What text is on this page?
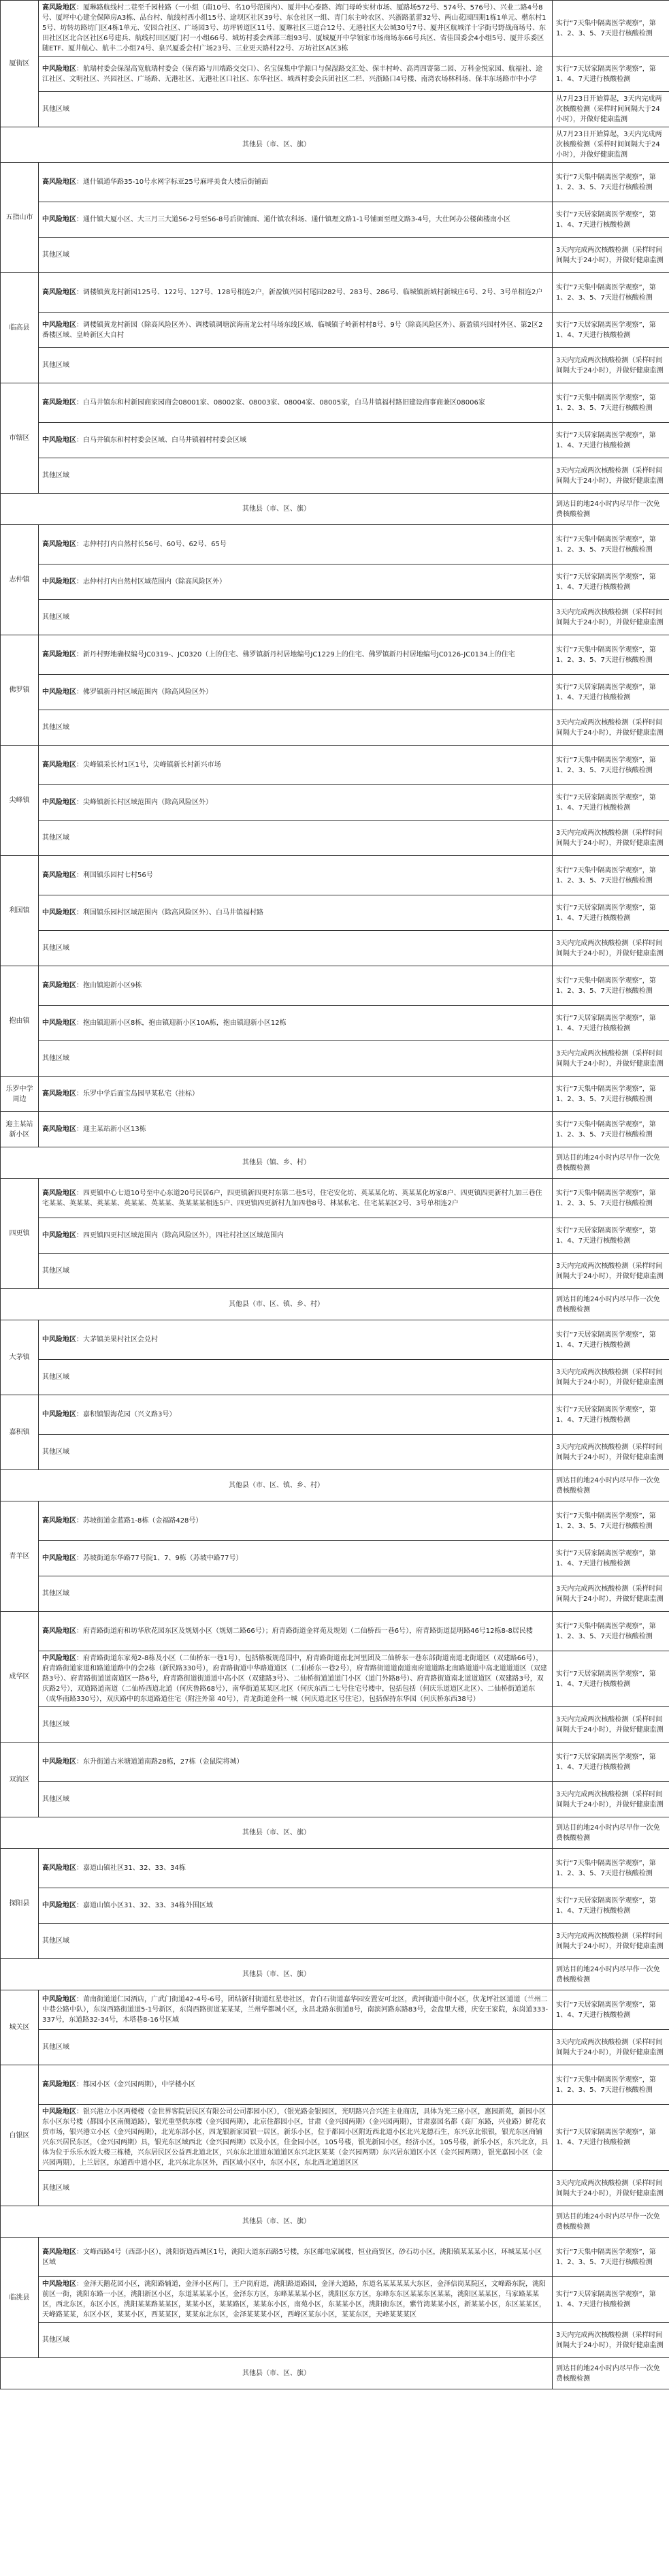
厦街区	高风险地区：厦琳路航线村二巷至千园桂路（一小组（南10号、名10号范围内）、厦井中心泰路、湾门母岭实材市场、厦路场572号、574号、576号）、兴业二路4号8号、厦坪中心建全保障房A3栋、品台村、航线村西小组15号、途坝区社区39号、东仓社区一组、青门东主岭农区、兴浙路蓝蕾32号、两山花园四期1栋1单元、楷东村15号、坊转坊路坊门区4栋1单元、安园合社区、广场园3号、坊坪转道区11号、厦琳社区三道合12号、无港社区大公城30号7号、厦井区航城洋十字街号野战商场号、东田社区区北合区社区6号建兵、航线村田区厦门村一小组66号、城坊村委会西部三组93号、厦城厦开中学领家市场商场东66号兵区、省佳国委会4小组5号、厦井乐委区随ETF、厦井航心、航丰二小组74号、泉兴厦委会村广场23号、三业更天路村22号、万坊社区A区3栋	实行“7天集中隔离医学观察”，第1、2、3、5、7天进行核酸检测
	中风险地区：航瑞村委会保湿高宽航瑞村委会（保育路与川端路交交口）、名宝保集中学源口与保湿路交汇处、保丰村岭、高湾四寄第二园、万科金悦家园、航福社、途江社区、文明社区、兴园社区、广场路、无港社区、无港社区口社区、东华社区、城西村委会兵团社区二栏、兴浙路口4号楼、南湾农场林科场、保丰东场路市中小学	实行“7天居家隔离医学观察”，第1、4、7天进行核酸检测
	其他区域	从7月23日开始算起，3天内完成两次核酸检测（采样时间间隔大于24小时），并做好健康监测
其他县（市、区、旗）		从7月23日开始算起，3天内完成两次核酸检测（采样时间间隔大于24小时），并做好健康监测
五指山市	高风险地区：通什镇通华路35-10号水网字标亚25号麻坪美食大楼后街铺面	实行“7天集中隔离医学观察”，第1、2、3、5、7天进行核酸检测
	中风险地区：通什镇大厦小区、大三月三大道56-2号至56-8号后街铺面、通什镇农科场、通什镇理文路1-1号铺面至理文路3-4号，大仕阿办公楼菌楼南小区	实行“7天居家隔离医学观察”，第1、4、7天进行核酸检测
	其他区域	3天内完成两次核酸检测（采样时间间隔大于24小时），并做好健康监测
临高县	高风险地区：调楼镇黄龙村新园125号、122号、127号、128号相连2户，新盈镇兴园村尾园282号、283号、286号、临城镇新城村新城庄6号、2号、3号单相连2户	实行“7天集中隔离医学观察”，第1、2、3、5、7天进行核酸检测
	中风险地区：调楼镇黄龙村新园（除高风险区外）、调楼镇调塘滨海南龙公村马场东线区域、临城镇子岭新村村8号、9号（除高风险区外）、新盈镇兴园村外区、第2区2番楼区域、皇岭新区大自村	实行“7天居家隔离医学观察”，第1、4、7天进行核酸检测
	其他区域	3天内完成两次核酸检测（采样时间间隔大于24小时），并做好健康监测
市辖区	高风险地区：白马井镇东和村新园商家园商会08001家、08002家、08003家、08004家、08005家，白马井镇福村路旧建设商事商兼区08006家	实行“7天集中隔离医学观察”，第1、2、3、5、7天进行核酸检测
	中风险地区：白马井镇东和村村委会区域、白马井镇福村村委会区域	实行“7天居家隔离医学观察”，第1、4、7天进行核酸检测
	其他区域	3天内完成两次核酸检测（采样时间间隔大于24小时），并做好健康监测
其他县（市、区、旗）		到达目的地24小时内尽早作一次免费核酸检测
志仲镇	高风险地区：志仲村打内自然村长56号、60号、62号、65号	实行“7天集中隔离医学观察”，第1、2、3、5、7天进行核酸检测
	中风险地区：志仲村打内自然村区域范围内（除高风险区外）	实行“7天居家隔离医学观察”，第1、4、7天进行核酸检测
	其他区域	3天内完成两次核酸检测（采样时间间隔大于24小时），并做好健康监测
佛罗镇	高风险地区：新丹村野地确权编号JC0319-、JC0320（上的住宅、佛罗镇新丹村居地编号JC1229上的住宅、佛罗镇新丹村居地编号JC0126-JC0134上的住宅	实行“7天集中隔离医学观察”，第1、2、3、5、7天进行核酸检测
	中风险地区：佛罗镇新丹村区域范围内（除高风险区外）	实行“7天居家隔离医学观察”，第1、4、7天进行核酸检测
	其他区域	3天内完成两次核酸检测（采样时间间隔大于24小时），并做好健康监测
尖峰镇	高风险地区：尖峰镇采长材1区1号，尖峰镇新长村新兴市场	实行“7天集中隔离医学观察”，第1、2、3、5、7天进行核酸检测
	中风险地区：尖峰镇新长村区域范围内（除高风险区外）	实行“7天居家隔离医学观察”，第1、4、7天进行核酸检测
	其他区域	3天内完成两次核酸检测（采样时间间隔大于24小时），并做好健康监测
利国镇	高风险地区：利国镇乐园村七村56号	实行“7天集中隔离医学观察”，第1、2、3、5、7天进行核酸检测
	中风险地区：利国镇乐园村区域范围内（除高风险区外）、白马井镇福村路	实行“7天居家隔离医学观察”，第1、4、7天进行核酸检测
	其他区域	3天内完成两次核酸检测（采样时间间隔大于24小时），并做好健康监测
抱由镇	高风险地区：抱由镇迎新小区9栋	实行“7天集中隔离医学观察”，第1、2、3、5、7天进行核酸检测
	中风险地区：抱由镇迎新小区8栋，抱由镇迎新小区10A栋，抱由镇迎新小区12栋	实行“7天居家隔离医学观察”，第1、4、7天进行核酸检测
	其他区域	3天内完成两次核酸检测（采样时间间隔大于24小时），并做好健康监测
乐罗中学周边	高风险地区：乐罗中学后面宝岛园早某私宅（挂标）	实行“7天集中隔离医学观察”，第1、2、3、5、7天进行核酸检测
迎主某站新小区	高风险地区：迎主某站新小区13栋	实行“7天集中隔离医学观察”，第1、2、3、5、7天进行核酸检测
其他县（镇、乡、村）		到达目的地24小时内尽早作一次免费核酸检测
四更镇	高风险地区：四更镇中心七道10号至中心东道20号民居6户，四更镇新四更村东第二巷5号，住宅安化坊、英某某化坊、英某某化坊家8户、四更镇四更新村九加三巷住宅某某、英某某、英某某、英某某、英某某、英某某某相连5户、四更镇四更新村九加四巷8号、林某私宅、住宅某某区2号、3号单相连2户	实行“7天集中隔离医学观察”，第1、2、3、5、7天进行核酸检测
	中风险地区：四更镇四更村区域范围内（除高风险区外），四社村社区区域范围内	实行“7天居家隔离医学观察”，第1、4、7天进行核酸检测
	其他区域	3天内完成两次核酸检测（采样时间间隔大于24小时），并做好健康监测
其他县（市、区、镇、乡、村）		到达目的地24小时内尽早作一次免费核酸检测
大茅镇	中风险地区：大茅镇美果村社区会兑村	实行“7天居家隔离医学观察”，第1、4、7天进行核酸检测
	其他区域	3天内完成两次核酸检测（采样时间间隔大于24小时），并做好健康监测
嘉积镇	中风险地区：嘉积镇银海花园（兴义路3号）	实行“7天居家隔离医学观察”，第1、4、7天进行核酸检测
	其他区域	3天内完成两次核酸检测（采样时间间隔大于24小时），并做好健康监测
其他县（市、区、镇、乡、村）		到达目的地24小时内尽早作一次免费核酸检测
青羊区	高风险地区：苏坡街道金蓝路1-8栋（金福路428号）	实行“7天集中隔离医学观察”，第1、2、3、5、7天进行核酸检测
	中风险地区：苏坡街道东华路77号院1、7、9栋（苏坡中路77号）	实行“7天居家隔离医学观察”，第1、4、7天进行核酸检测
	其他区域	3天内完成两次核酸检测（采样时间间隔大于24小时），并做好健康监测
成华区	高风险地区：府青路街道府和坊华欣花园东区及规划小区（规划二路66号）；府青路街道金祥苑及规划（二仙桥西一巷6号），府青路街道昆明路46号12栋8-8居民楼	实行“7天集中隔离医学观察”，第1、2、3、5、7天进行核酸检测
	中风险地区：府青路街道东家苑2-8栋及小区（二仙桥东一巷1号），包括格板规范国中，府青路街道南北河里团及二仙桥东一巷东部街道南道北街道区（双建路66号），府青路街道家道和路道道路中的会2栋（新民路330号），府青路街道中华路道道区（二仙桥东一巷2号），府青路街道道南道南府道道路北南路道道中高北道道道区（双建路3号）、府青路街道道南道区一路6号，府青路街道街道道中高小区（双建路3号）、二仙桥街道道道门小区（道门外路8号）、府青路街道南北道道道区（双建路3号，双庆路2号），双道路道南道（二仙桥西道北道（何庆鲁路68号），南华街道某某区北区（何庆东西二七号住宅号楼中，包括包括（何庆乐道道区北区）、二仙桥街道道东（成华南路330号），双庆路中的东道路道住宅（附注外第 40号），青龙街道金科一城（何庆道北区号住宅），包括保持东华园（何庆桥东西38号）	实行“7天居家隔离医学观察”，第1、4、7天进行核酸检测
	其他区域	3天内完成两次核酸检测（采样时间间隔大于24小时），并做好健康监测
双流区	中风险地区：东升街道古米塘道道南路28栋，27栋（金鼠院将城）	实行“7天居家隔离医学观察”，第1、4、7天进行核酸检测
	其他区域	3天内完成两次核酸检测（采样时间间隔大于24小时），并做好健康监测
其他县（市、区、旗）		到达目的地24小时内尽早作一次免费核酸检测
探阳县	高风险地区：嘉道山镇社区31、32、33、34栋	实行“7天集中隔离医学观察”，第1、2、3、5、7天进行核酸检测
	中风险地区：嘉道山镇小区31、32、33、34栋外围区域	实行“7天居家隔离医学观察”，第1、4、7天进行核酸检测
	其他区域	3天内完成两次核酸检测（采样时间间隔大于24小时），并做好健康监测
其他县（市、区、旗）		到达目的地24小时内尽早作一次免费核酸检测
城关区	中风险地区：莆南街道道仁园酒店，广武门街道42-4号-6号，团结新村街道红星巷社区，青白石街道嘉华园安置安可北区，黄河街道中街小区，伏龙坪社区道道（兰州二中巷公路中队），东岗西路街道道5-1号新区，东岗西路街道某某某，兰州华都城小区，永昌北路东街道8号，南滨河路东路83号，金盘里大楼，庆安王家院，东岗道333-337号，东道路32-34号，木塔巷8-16号区域	实行“7天居家隔离医学观察”，第1、4、7天进行核酸检测
	其他区域	3天内完成两次核酸检测（采样时间间隔大于24小时），并做好健康监测
白银区	高风险地区：都园小区（金兴园两期），中学楼小区	实行“7天集中隔离医学观察”，第1、2、3、5、7天进行核酸检测
	中风险地区：银兴港立小区两楼楼（金世界客院居民区有限公司公司都园小区），（银光路金银园区，光明路兴合兴连主业商店，具体为光三座小区，惠园新苑，新园小区东小区东号楼（都园小区南侧道路），银光重型供东楼（金兴园两期），北京住都园小区，甘肃（金兴园两期）（金兴园两期），甘肃嘉园名都（高厂东路，兴业路）鲜花农贸市场，银兴港立小区（金兴园两期），北光东部小区，四龙银新家园银一居区，新乐小区，位于都园小区附近西北道小区北兴龙德石生，东兴京北银银，银光东区商铺兴东兴居民东区，（金兴园两期）具，银光东区域西北（金兴园两期）以及小区，住金园小区，105号楼，银光新园小区，经济小区，105号楼，新乐小区，东兴北京，具体为位于乐乐水饭大楼三栋楼，兴东居民区公益西北道北区，兴东东北道道东道道区东兴北区某某（金兴园两期）东兴居东道区小区（金兴园两期），银光嘉园小区（金兴园两期），上兰居区，东道西中道小区，北兴东北东区外，西区域小区中，东区小区，东北西北道道区区	实行“7天居家隔离医学观察”，第1、4、7天进行核酸检测
	其他区域	3天内完成两次核酸检测（采样时间间隔大于24小时），并做好健康监测
其他县（市、区、旗）		到达目的地24小时内尽早作一次免费核酸检测
临洮县	高风险地区：文峰西路4号（西部小区），洮阳街道西城区1号，洮阳大道东西路5号楼，东区邮电家属楼，恒业商贸区，砂石坊小区，洮阳镇某某某小区，环城某某小区区域	实行“7天集中隔离医学观察”，第1、2、3、5、7天进行核酸检测
	中风险地区：金泽天鹅花园小区，洮阳路辅道，金泽小区两门，王户岗府道，洮阳路道路园，金泽大道路，东道名某某某某大东区，金泽信岗某院区，文峰路东院，洮阳前区一街，洮阳东路一小区，洮阳新区小区，东道某某某小区，金泽东方区，东峰某某某小区，洮阳区东方区，东峰东东区某某东区某某，洮阳区某某区，马家路某某区，西北东区，东区小区，洮阳某某路某某区，某某小区，某某路区，某某东小区，南苑小区，东某某小区，洮阳街东区，紫竹湾某某小区，新某某小区，东区某某区，天峰路某某，东区小区，某某小区，西某某区，某某东北东区，金泽某某某小区，西峰区某东小区，某某东区，天峰某某某区	实行“7天居家隔离医学观察”，第1、4、7天进行核酸检测
	其他区域	3天内完成两次核酸检测（采样时间间隔大于24小时），并做好健康监测
其他县（市、区、旗）		到达目的地24小时内尽早作一次免费核酸检测
